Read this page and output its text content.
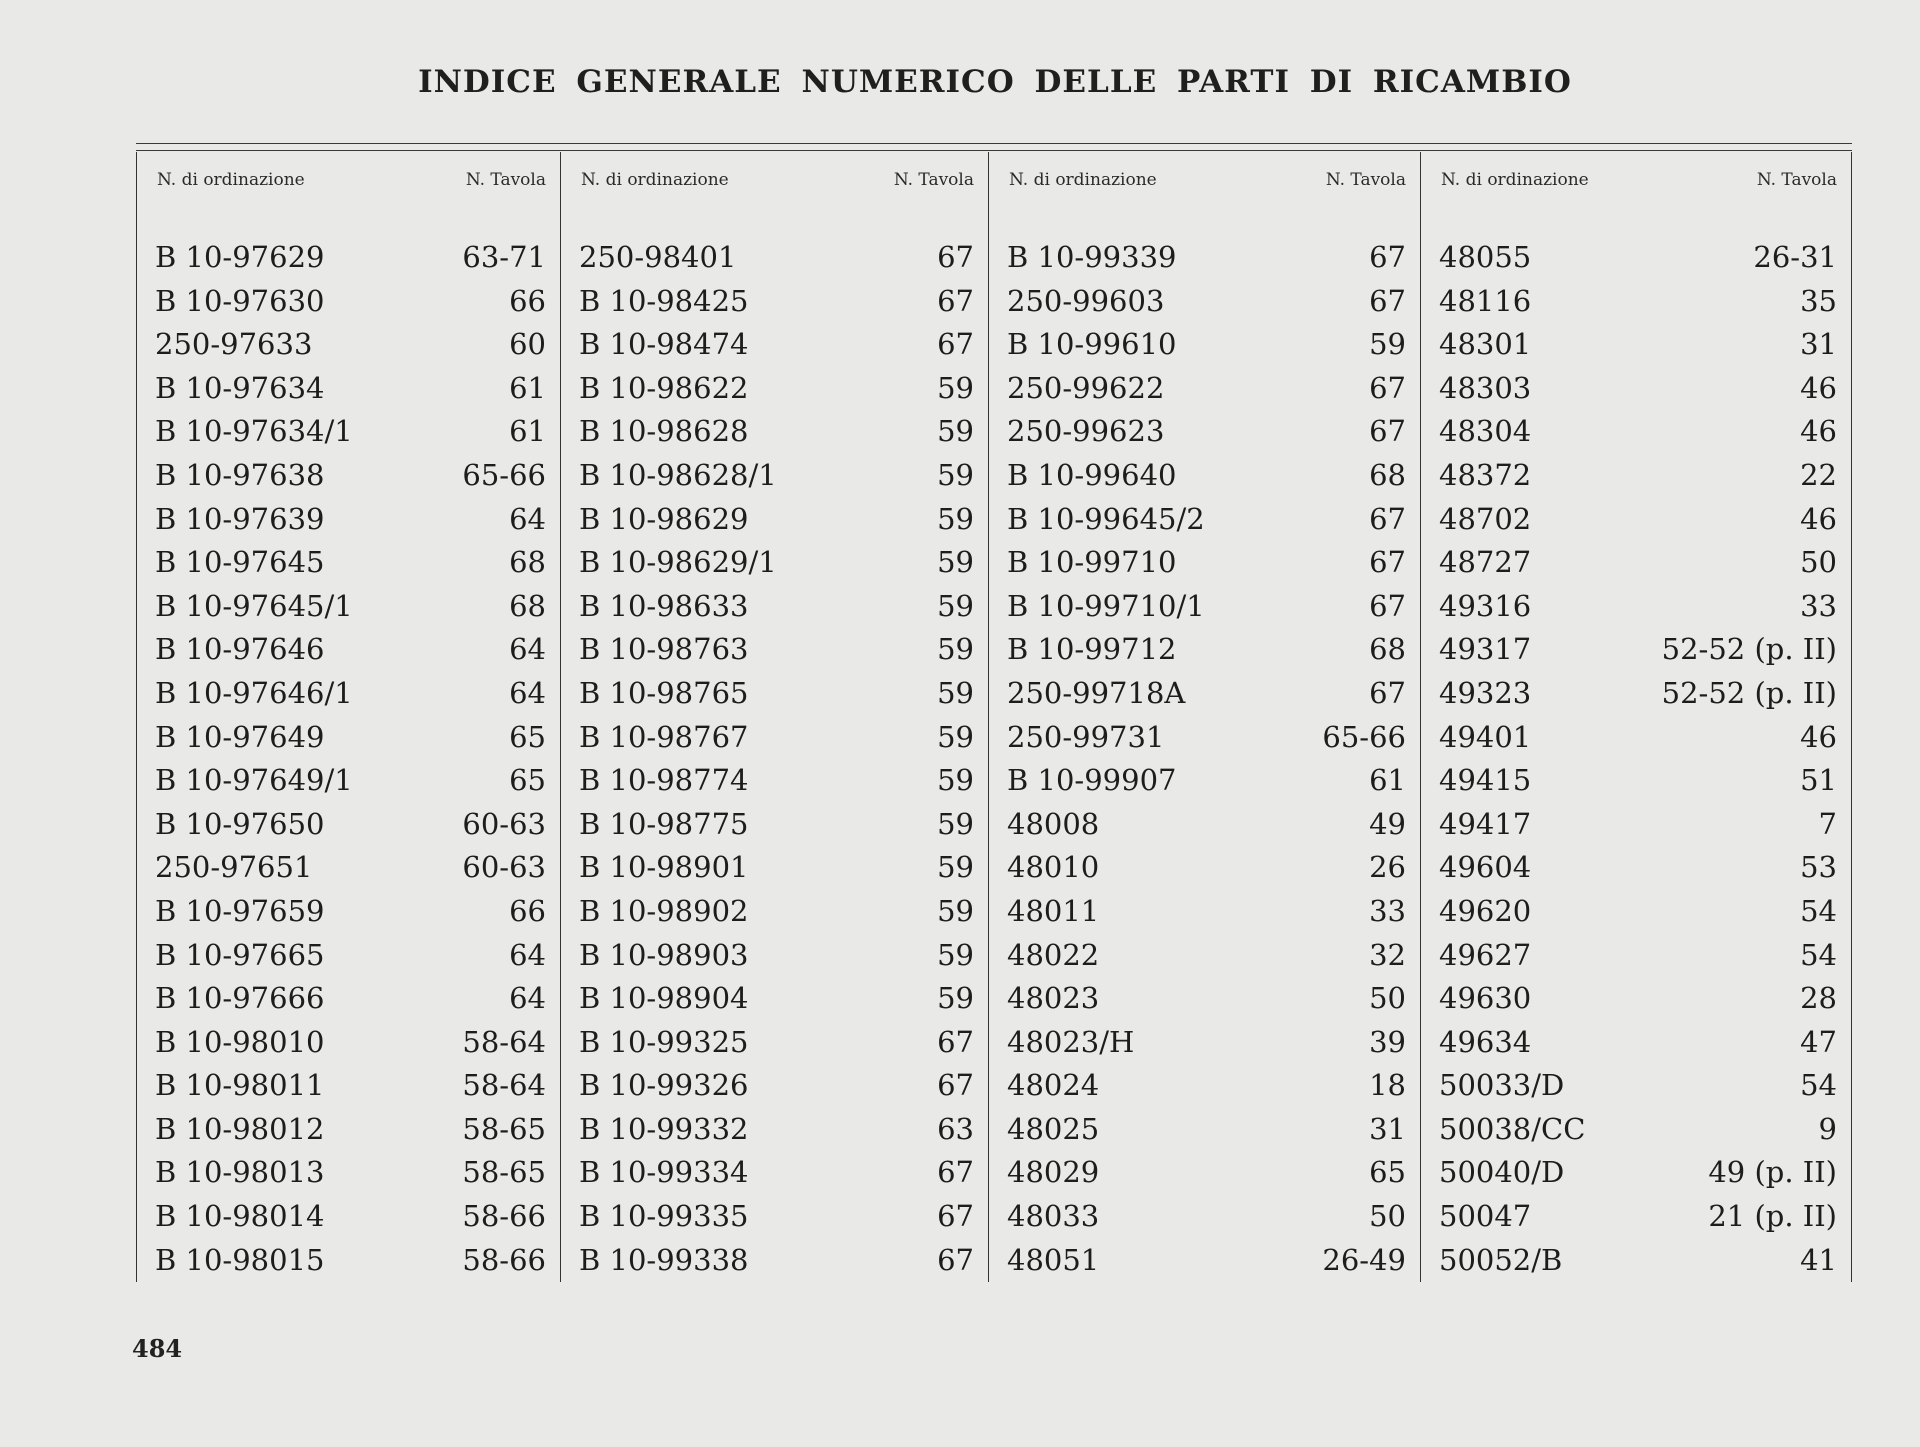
INDICE GENERALE NUMERICO DELLE PARTI DI RICAMBIO
N. di ordinazione	N. Tavola
B 10-97629	63-71
B 10-97630	66
250-97633	60
B 10-97634	61
B 10-97634/1	61
B 10-97638	65-66
B 10-97639	64
B 10-97645	68
B 10-97645/1	68
B 10-97646	64
B 10-97646/1	64
B 10-97649	65
B 10-97649/1	65
B 10-97650	60-63
250-97651	60-63
B 10-97659	66
B 10-97665	64
B 10-97666	64
B 10-98010	58-64
B 10-98011	58-64
B 10-98012	58-65
B 10-98013	58-65
B 10-98014	58-66
B 10-98015	58-66
N. di ordinazione	N. Tavola
250-98401	67
B 10-98425	67
B 10-98474	67
B 10-98622	59
B 10-98628	59
B 10-98628/1	59
B 10-98629	59
B 10-98629/1	59
B 10-98633	59
B 10-98763	59
B 10-98765	59
B 10-98767	59
B 10-98774	59
B 10-98775	59
B 10-98901	59
B 10-98902	59
B 10-98903	59
B 10-98904	59
B 10-99325	67
B 10-99326	67
B 10-99332	63
B 10-99334	67
B 10-99335	67
B 10-99338	67
N. di ordinazione	N. Tavola
B 10-99339	67
250-99603	67
B 10-99610	59
250-99622	67
250-99623	67
B 10-99640	68
B 10-99645/2	67
B 10-99710	67
B 10-99710/1	67
B 10-99712	68
250-99718A	67
250-99731	65-66
B 10-99907	61
48008	49
48010	26
48011	33
48022	32
48023	50
48023/H	39
48024	18
48025	31
48029	65
48033	50
48051	26-49
N. di ordinazione	N. Tavola
48055	26-31
48116	35
48301	31
48303	46
48304	46
48372	22
48702	46
48727	50
49316	33
49317	52-52 (p. II)
49323	52-52 (p. II)
49401	46
49415	51
49417	7
49604	53
49620	54
49627	54
49630	28
49634	47
50033/D	54
50038/CC	9
50040/D	49 (p. II)
50047	21 (p. II)
50052/B	41
484
